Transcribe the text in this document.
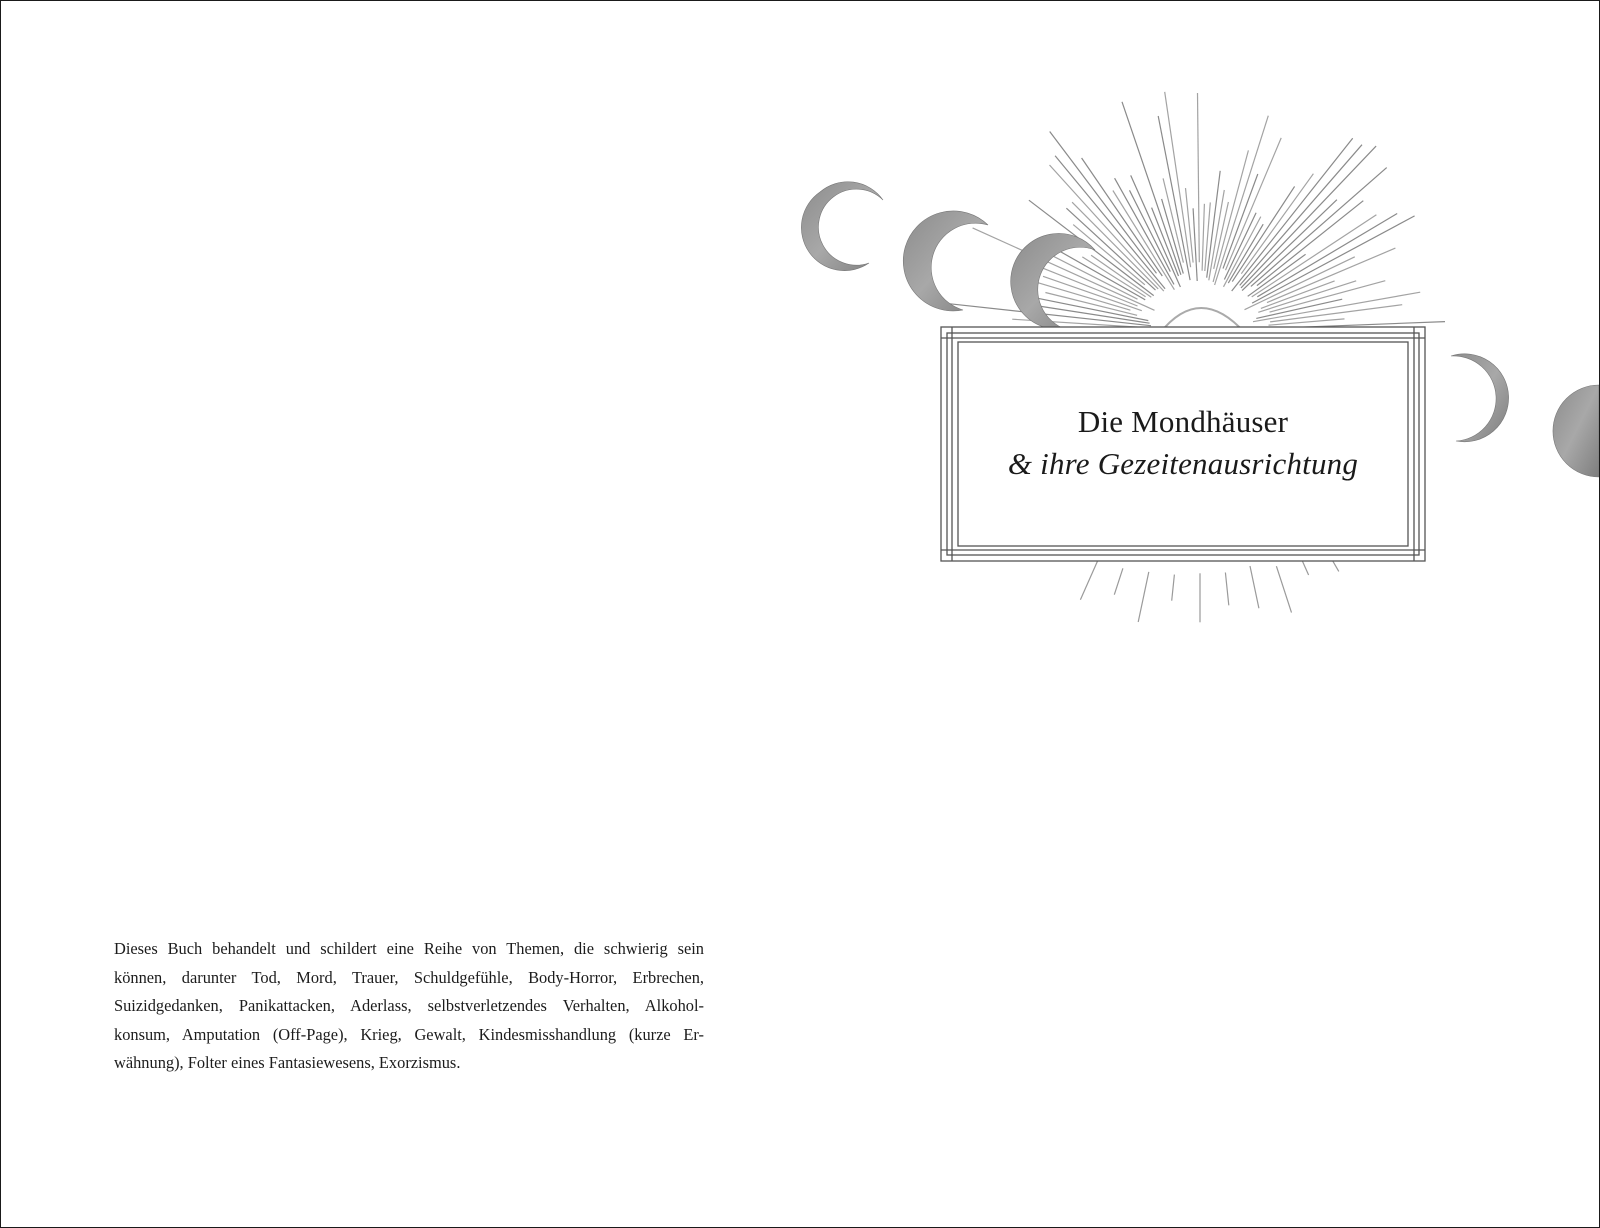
Dieses Buch behandelt und schildert eine Reihe von Themen, die schwierig sein
können, darunter Tod, Mord, Trauer, Schuldgefühle, Body-Horror, Erbrechen,
Suizidgedanken, Panikattacken, Aderlass, selbstverletzendes Verhalten, Alkohol-
konsum, Amputation (Off-Page), Krieg, Gewalt, Kindesmisshandlung (kurze Er-
wähnung), Folter eines Fantasiewesens, Exorzismus.

Die Mondhäuser
& ihre Gezeitenausrichtung
